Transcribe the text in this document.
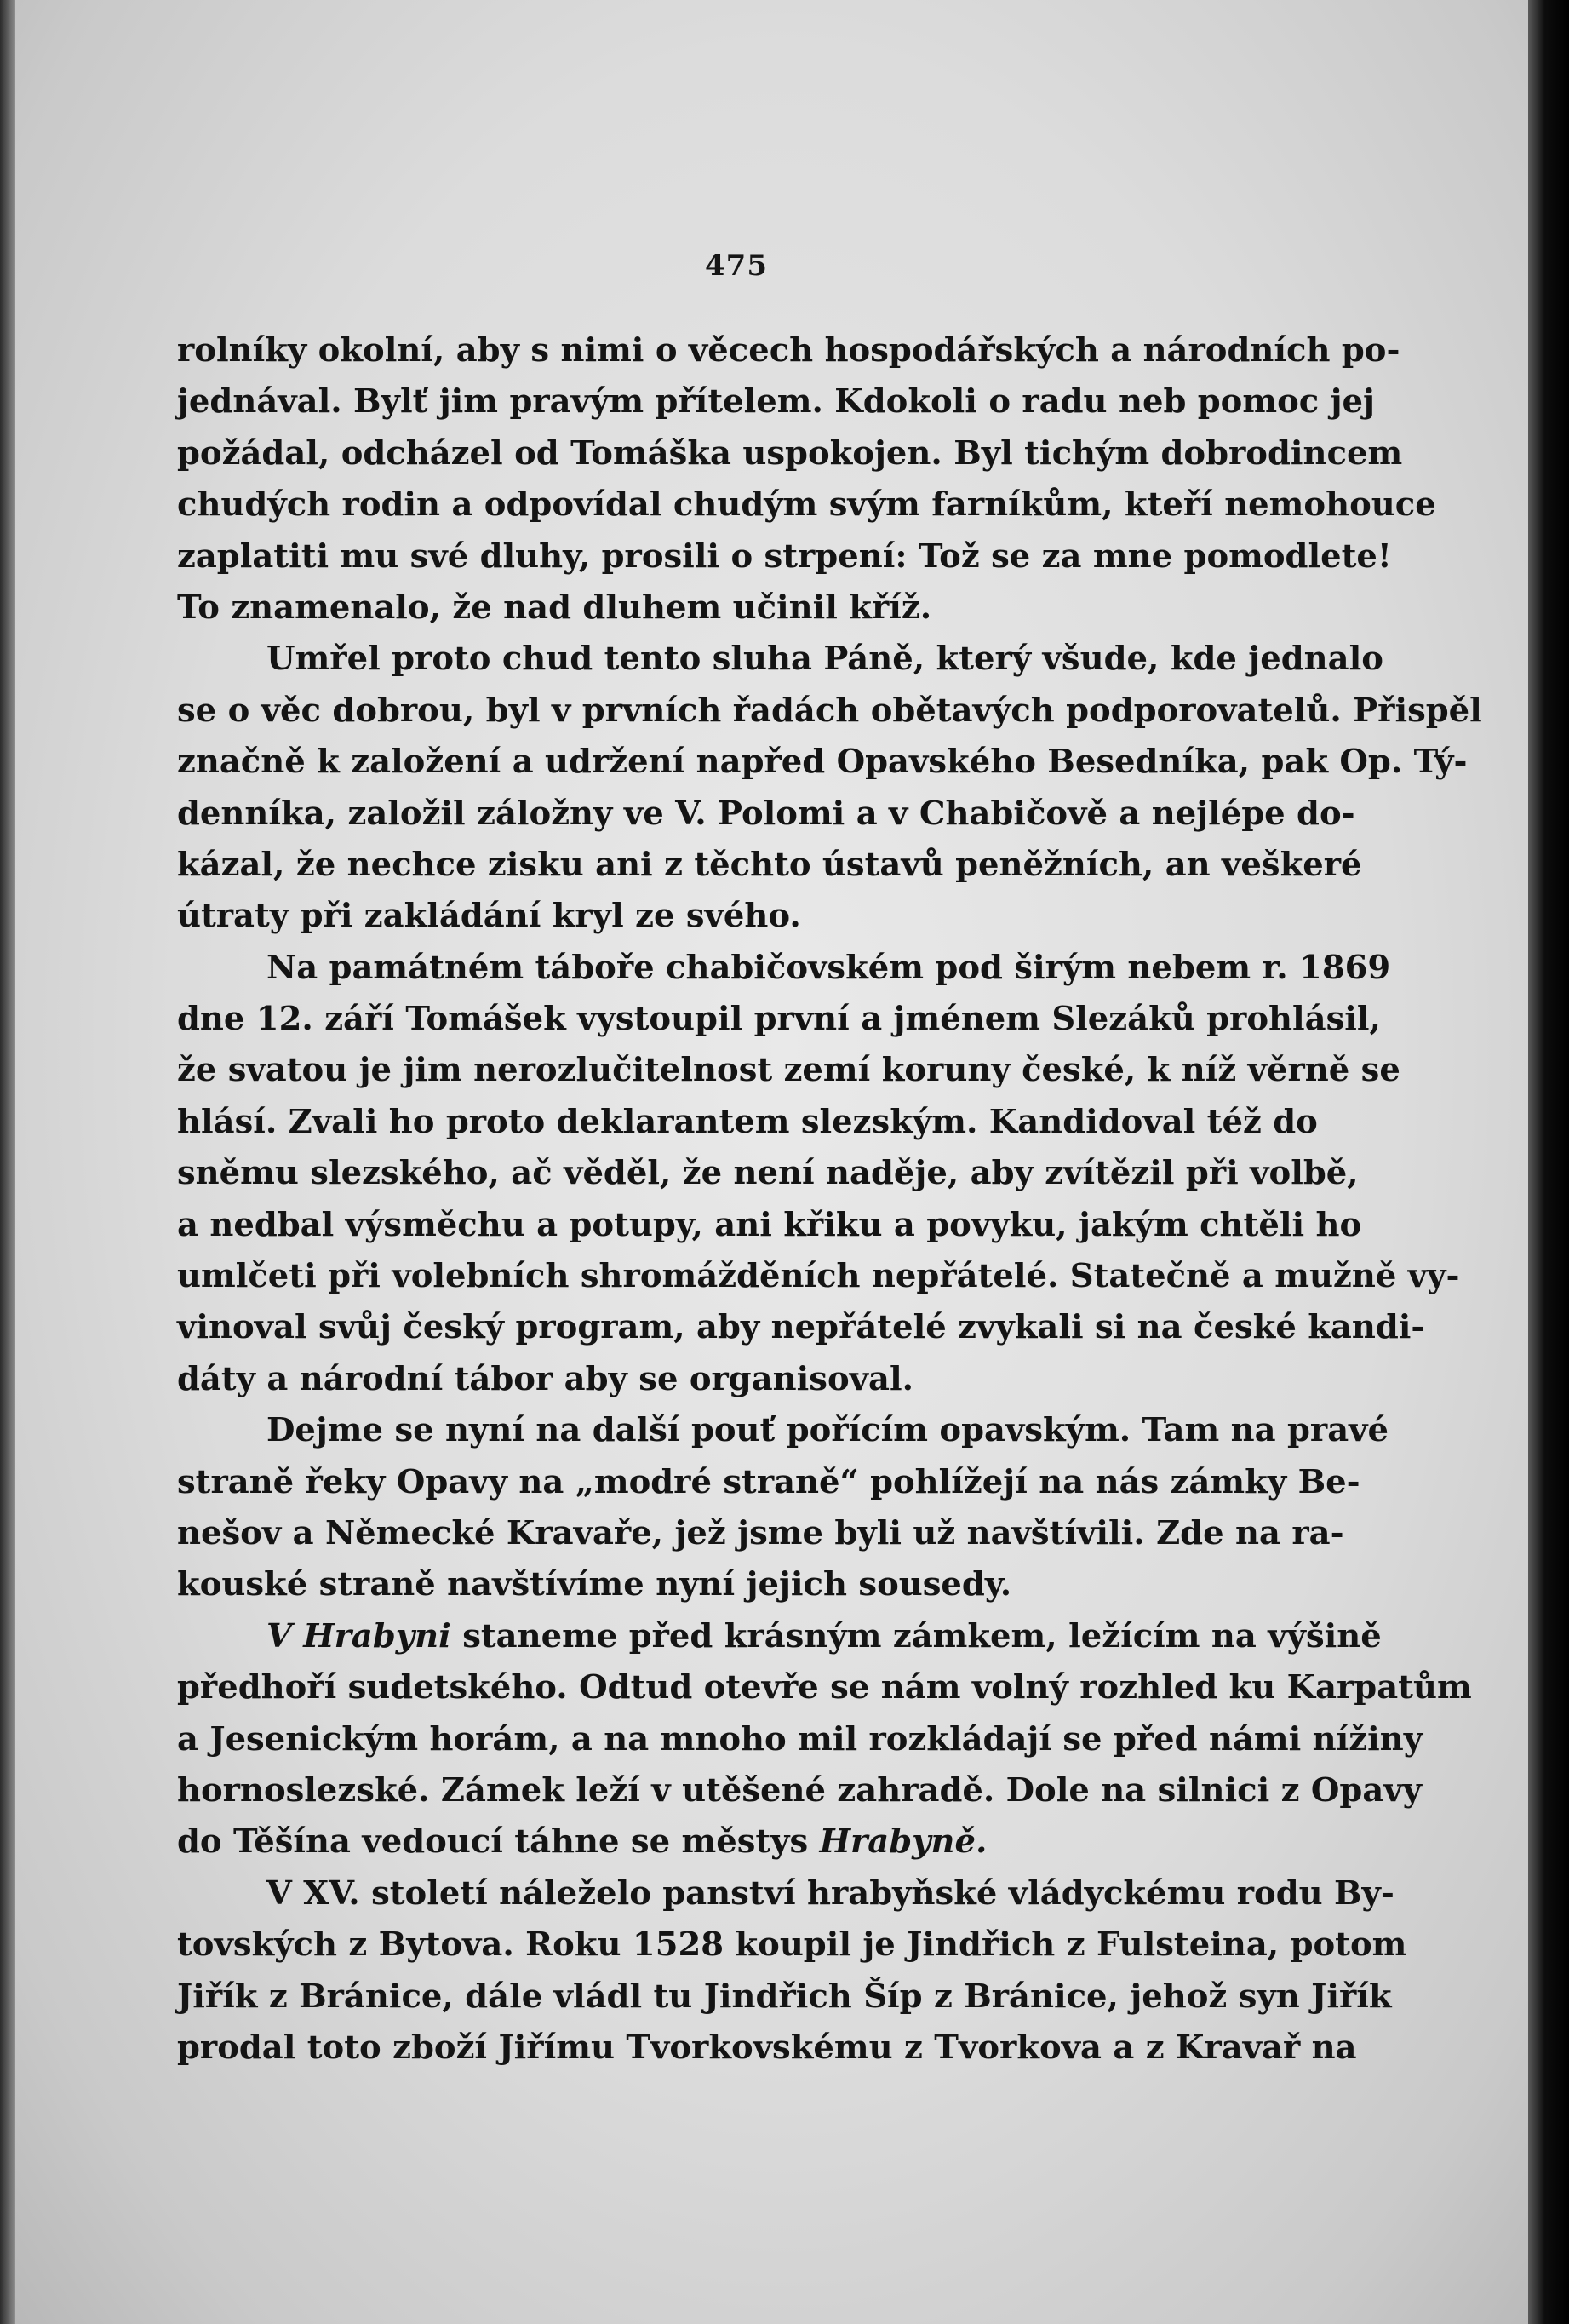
475
rolníky okolní, aby s nimi o věcech hospodářských a národních po-
jednával. Bylť jim pravým přítelem. Kdokoli o radu neb pomoc jej
požádal, odcházel od Tomáška uspokojen. Byl tichým dobrodincem
chudých rodin a odpovídal chudým svým farníkům, kteří nemohouce
zaplatiti mu své dluhy, prosili o strpení: Tož se za mne pomodlete!
To znamenalo, že nad dluhem učinil kříž.
Umřel proto chud tento sluha Páně, který všude, kde jednalo
se o věc dobrou, byl v prvních řadách obětavých podporovatelů. Přispěl
značně k založení a udržení napřed Opavského Besedníka, pak Op. Tý-
denníka, založil záložny ve V. Polomi a v Chabičově a nejlépe do-
kázal, že nechce zisku ani z těchto ústavů peněžních, an veškeré
útraty při zakládání kryl ze svého.
Na památném táboře chabičovském pod širým nebem r. 1869
dne 12. září Tomášek vystoupil první a jménem Slezáků prohlásil,
že svatou je jim nerozlučitelnost zemí koruny české, k níž věrně se
hlásí. Zvali ho proto deklarantem slezským. Kandidoval též do
sněmu slezského, ač věděl, že není naděje, aby zvítězil při volbě,
a nedbal výsměchu a potupy, ani křiku a povyku, jakým chtěli ho
umlčeti při volebních shromážděních nepřátelé. Statečně a mužně vy-
vinoval svůj český program, aby nepřátelé zvykali si na české kandi-
dáty a národní tábor aby se organisoval.
Dejme se nyní na další pouť pořícím opavským. Tam na pravé
straně řeky Opavy na „modré straně“ pohlížejí na nás zámky Be-
nešov a Německé Kravaře, jež jsme byli už navštívili. Zde na ra-
kouské straně navštívíme nyní jejich sousedy.
V Hrabyni staneme před krásným zámkem, ležícím na výšině
předhoří sudetského. Odtud otevře se nám volný rozhled ku Karpatům
a Jesenickým horám, a na mnoho mil rozkládají se před námi nížiny
hornoslezské. Zámek leží v utěšené zahradě. Dole na silnici z Opavy
do Těšína vedoucí táhne se městys Hrabyně.
V XV. století náleželo panství hrabyňské vládyckému rodu By-
tovských z Bytova. Roku 1528 koupil je Jindřich z Fulsteina, potom
Jiřík z Bránice, dále vládl tu Jindřich Šíp z Bránice, jehož syn Jiřík
prodal toto zboží Jiřímu Tvorkovskému z Tvorkova a z Kravař na
